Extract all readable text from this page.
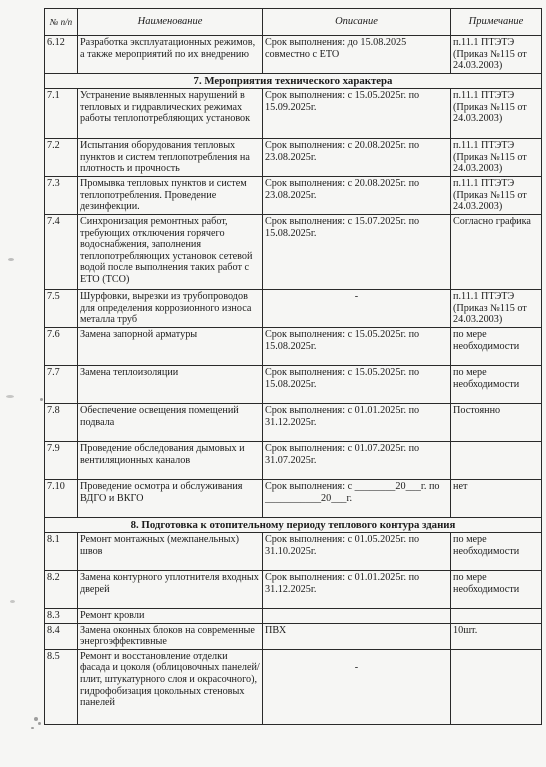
№ п/п	Наименование	Описание	Примечание
6.12	Разработка эксплуатационных режимов, а также мероприятий по их внедрению	Срок выполнения: до 15.08.2025 совместно с ЕТО	п.11.1 ПТЭТЭ (Приказ №115 от 24.03.2003)
7. Мероприятия технического характера			
7.1	Устранение выявленных нарушений в тепловых и гидравлических режимах работы теплопотребляющих установок	Срок выполнения: с 15.05.2025г. по 15.09.2025г.	п.11.1 ПТЭТЭ (Приказ №115 от 24.03.2003)
7.2	Испытания оборудования тепловых пунктов и систем теплопотребления на плотность и прочность	Срок выполнения: с 20.08.2025г. по 23.08.2025г.	п.11.1 ПТЭТЭ (Приказ №115 от 24.03.2003)
7.3	Промывка тепловых пунктов и систем теплопотребления. Проведение дезинфекции.	Срок выполнения: с 20.08.2025г. по 23.08.2025г.	п.11.1 ПТЭТЭ (Приказ №115 от 24.03.2003)
7.4	Синхронизация ремонтных работ, требующих отключения горячего водоснабжения, заполнения теплопотребляющих установок сетевой водой после выполнения таких работ с ЕТО (ТСО)	Срок выполнения: с 15.07.2025г. по 15.08.2025г.	Согласно графика
7.5	Шурфовки, вырезки из трубопроводов для определения коррозионного износа металла труб	-	п.11.1 ПТЭТЭ (Приказ №115 от 24.03.2003)
7.6	Замена запорной арматуры	Срок выполнения: с 15.05.2025г. по 15.08.2025г.	по мере необходимости
7.7	Замена теплоизоляции	Срок выполнения: с 15.05.2025г. по 15.08.2025г.	по мере необходимости
7.8	Обеспечение освещения помещений подвала	Срок выполнения: с 01.01.2025г. по 31.12.2025г.	Постоянно
7.9	Проведение обследования дымовых и вентиляционных каналов	Срок выполнения: с 01.07.2025г. по 31.07.2025г.	
7.10	Проведение осмотра и обслуживания ВДГО и ВКГО	Срок выполнения: с ________20___г. по ___________20___г.	нет
8. Подготовка к отопительному периоду теплового контура здания			
8.1	Ремонт монтажных (межпанельных) швов	Срок выполнения: с 01.05.2025г. по 31.10.2025г.	по мере необходимости
8.2	Замена контурного уплотнителя входных дверей	Срок выполнения: с 01.01.2025г. по 31.12.2025г.	по мере необходимости
8.3	Ремонт кровли		
8.4	Замена оконных блоков на современные энергоэффективные	ПВХ	10шт.
8.5	Ремонт и восстановление отделки фасада и цоколя (облицовочных панелей/плит, штукатурного слоя и окрасочного), гидрофобизация цокольных стеновых панелей	-	
